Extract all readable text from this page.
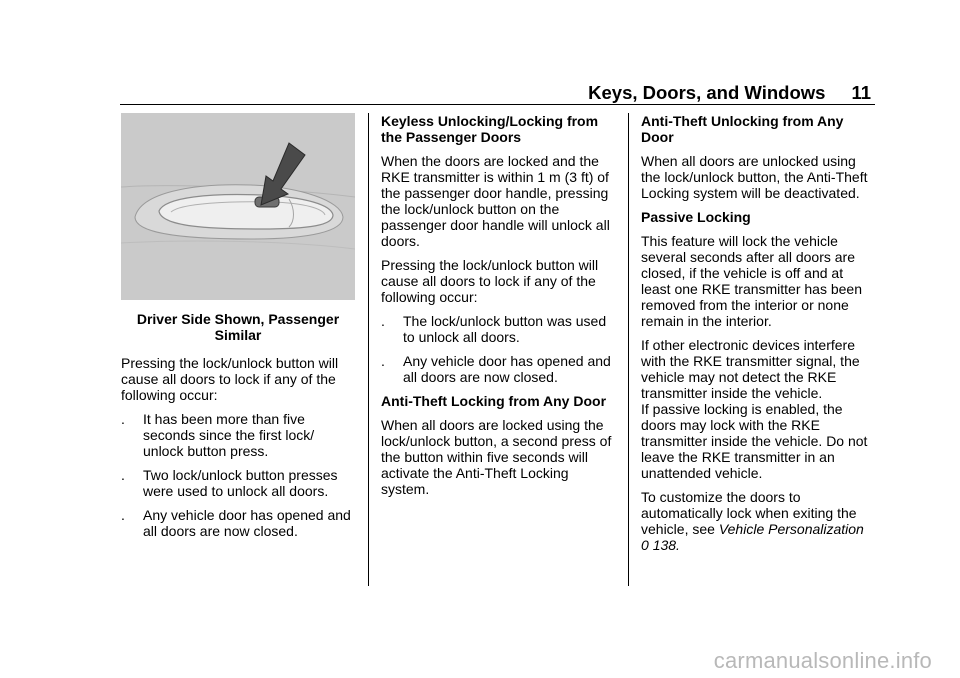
Keys, Doors, and Windows 11
Driver Side Shown, Passenger Similar

Pressing the lock/unlock button will cause all doors to lock if any of the following occur:

.	It has been more than five seconds since the first lock/ unlock button press.
.	Two lock/unlock button presses were used to unlock all doors.
.	Any vehicle door has opened and all doors are now closed.
Keyless Unlocking/Locking from the Passenger Doors

When the doors are locked and the RKE transmitter is within 1 m (3 ft) of the passenger door handle, pressing the lock/unlock button on the passenger door handle will unlock all doors.

Pressing the lock/unlock button will cause all doors to lock if any of the following occur:

.	The lock/unlock button was used to unlock all doors.
.	Any vehicle door has opened and all doors are now closed.
Anti-Theft Locking from Any Door

When all doors are locked using the lock/unlock button, a second press of the button within five seconds will activate the Anti-Theft Locking system.

Anti-Theft Unlocking from Any Door

When all doors are unlocked using the lock/unlock button, the Anti-Theft Locking system will be deactivated.

Passive Locking

This feature will lock the vehicle several seconds after all doors are closed, if the vehicle is off and at least one RKE transmitter has been removed from the interior or none remain in the interior.

If other electronic devices interfere with the RKE transmitter signal, the vehicle may not detect the RKE transmitter inside the vehicle.
If passive locking is enabled, the doors may lock with the RKE transmitter inside the vehicle. Do not leave the RKE transmitter in an unattended vehicle.

To customize the doors to automatically lock when exiting the vehicle, see Vehicle Personalization
0 138.

carmanualsonline.info
